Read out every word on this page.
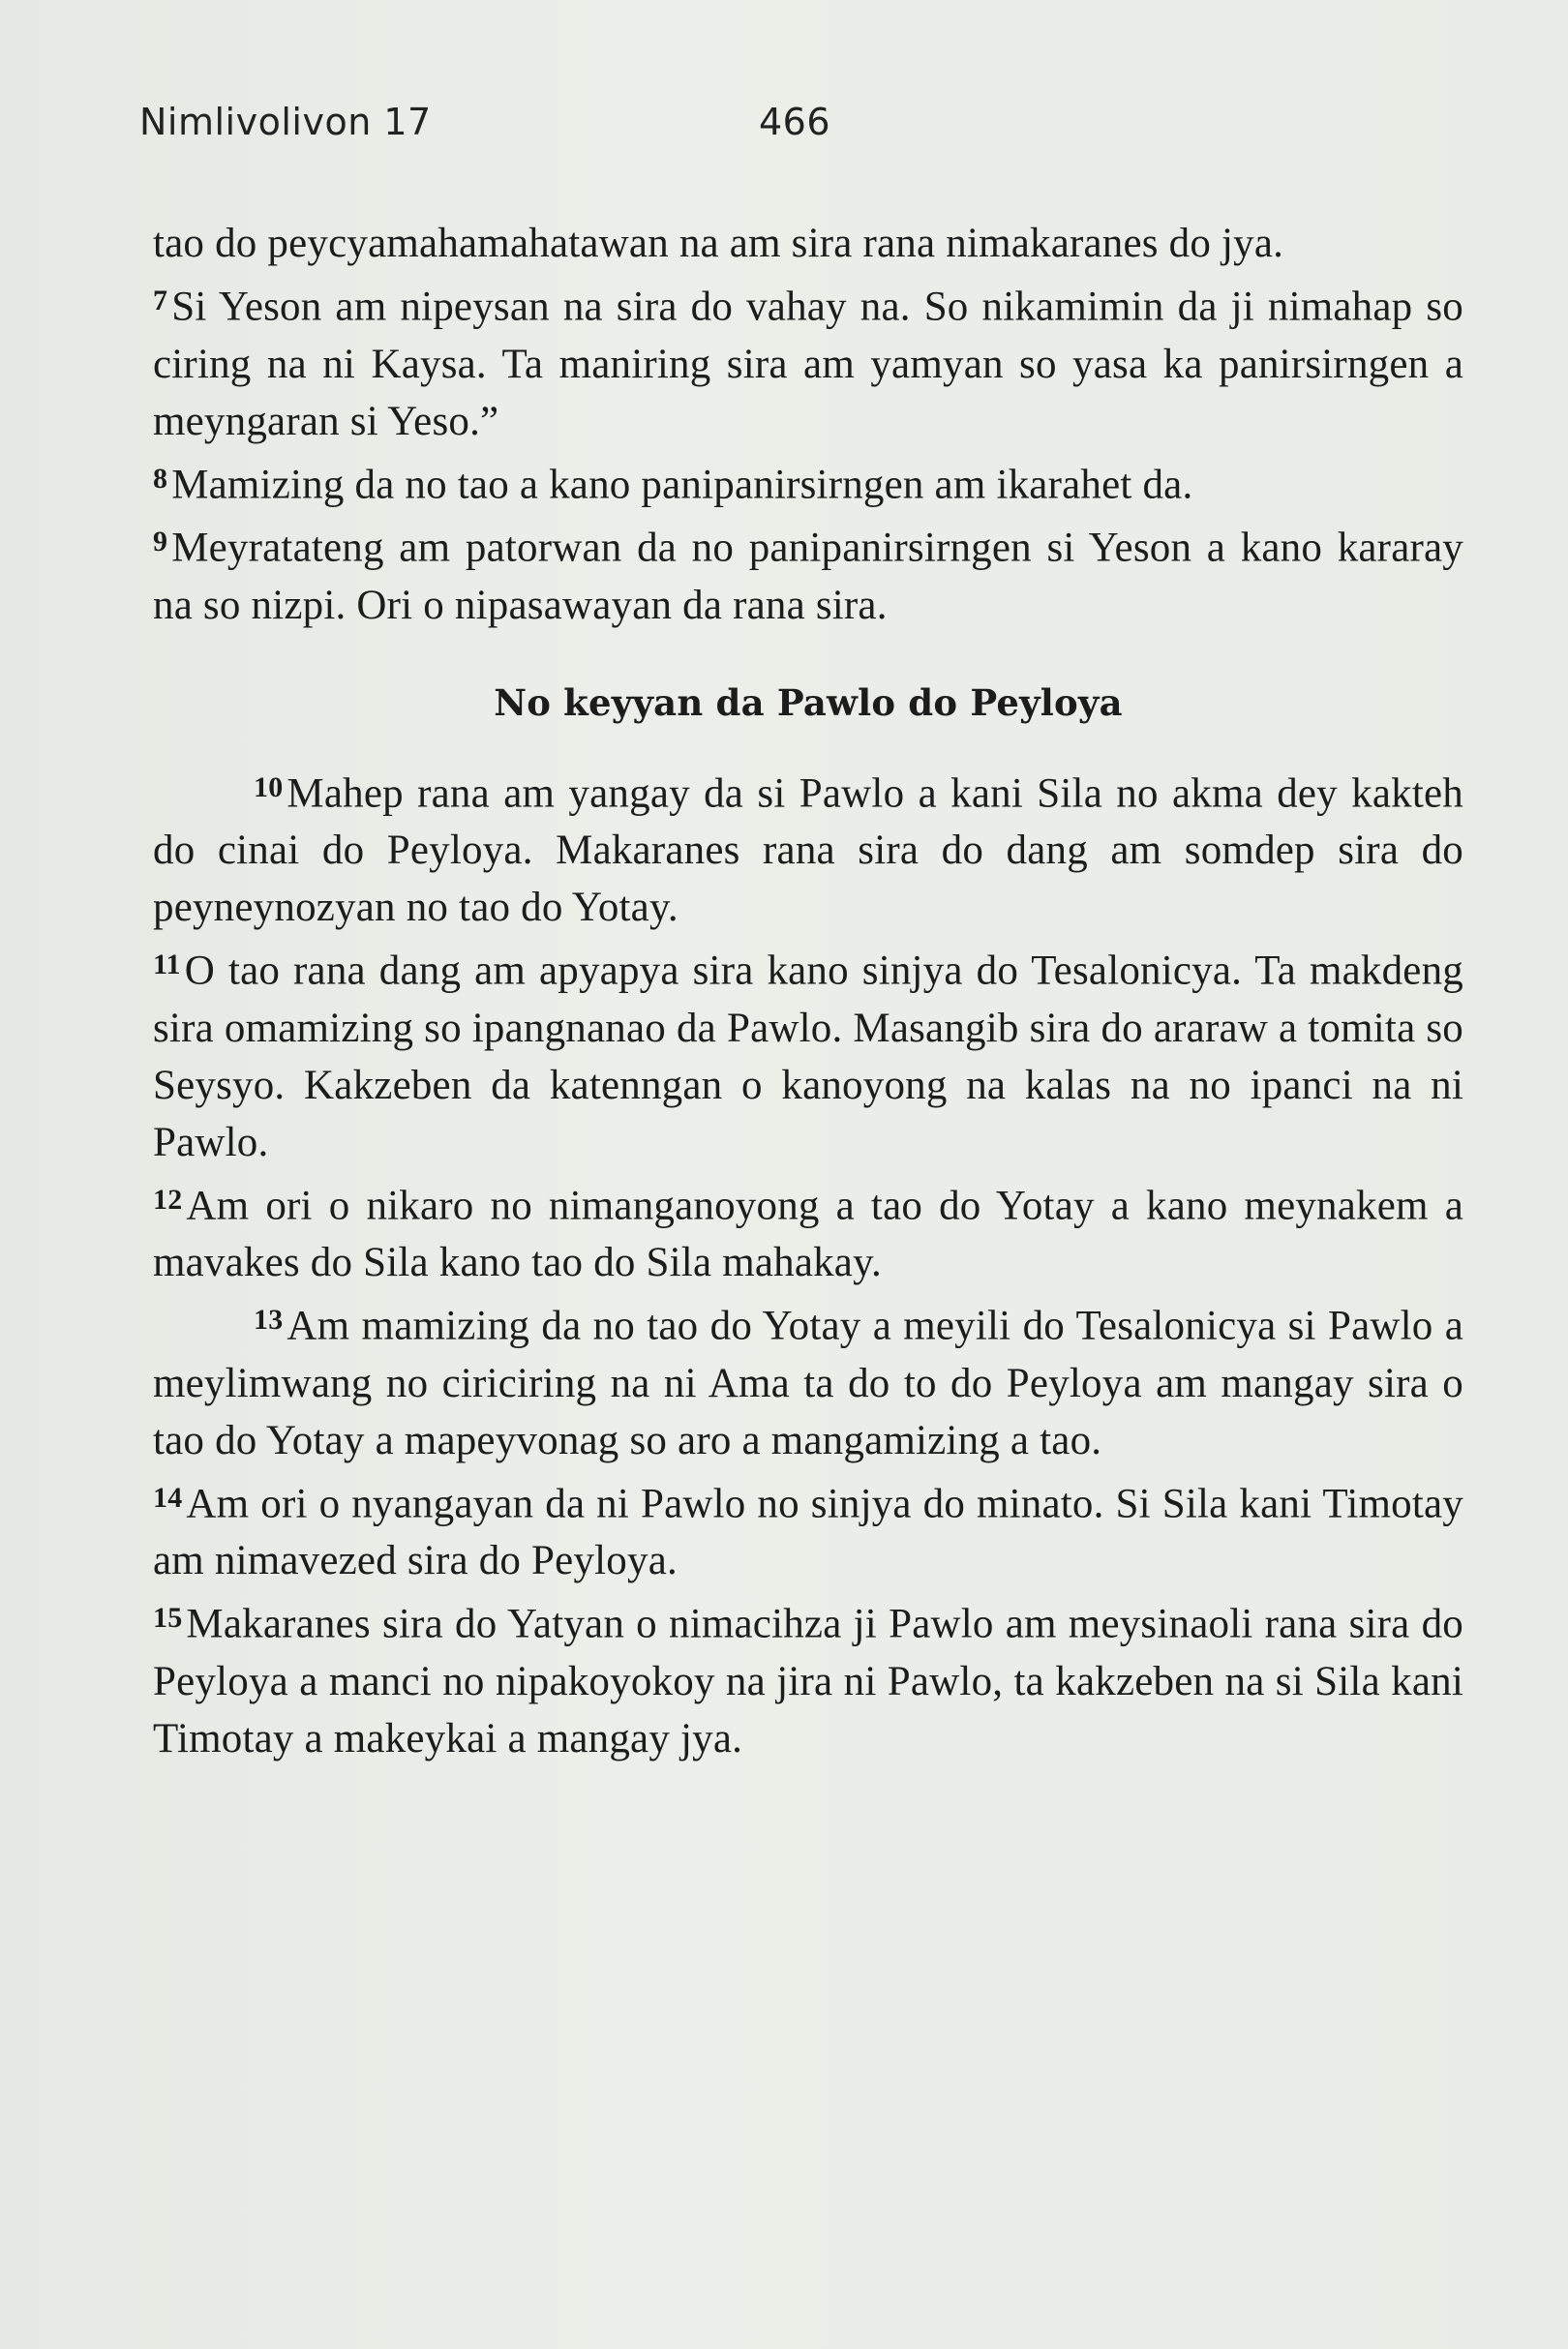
Nimlivolivon 17	466

tao do peycyamahamahatawan na am sira rana nimakaranes do jya.

$^7$Si Yeson am nipeysan na sira do vahay na. So nikamimin da ji nimahap so ciring na ni Kaysa. Ta maniring sira am yamyan so yasa ka panirsirngen a meyngaran si Yeso.”

$^8$Mamizing da no tao a kano panipanirsirngen am ikarahet da.

$^9$Meyratateng am patorwan da no panipanirsirngen si Yeson a kano kararay na so nizpi. Ori o nipasawayan da rana sira.

No keyyan da Pawlo do Peyloya

$^{10}$Mahep rana am yangay da si Pawlo a kani Sila no akma dey kakteh do cinai do Peyloya. Makaranes rana sira do dang am somdep sira do peyneynozyan no tao do Yotay.

$^{11}$O tao rana dang am apyapya sira kano sinjya do Tesalonicya. Ta makdeng sira omamizing so ipangnanao da Pawlo. Masangib sira do araraw a tomita so Seysyo. Kakzeben da katenngan o kanoyong na kalas na no ipanci na ni Pawlo.

$^{12}$Am ori o nikaro no nimanganoyong a tao do Yotay a kano meynakem a mavakes do Sila kano tao do Sila mahakay.

$^{13}$Am mamizing da no tao do Yotay a meyili do Tesalonicya si Pawlo a meylimwang no ciriciring na ni Ama ta do to do Peyloya am mangay sira o tao do Yotay a mapeyvonag so aro a mangamizing a tao.

$^{14}$Am ori o nyangayan da ni Pawlo no sinjya do minato. Si Sila kani Timotay am nimavezed sira do Peyloya.

$^{15}$Makaranes sira do Yatyan o nimacihza ji Pawlo am meysinaoli rana sira do Peyloya a manci no nipakoyokoy na jira ni Pawlo, ta kakzeben na si Sila kani Timotay a makeykai a mangay jya.
